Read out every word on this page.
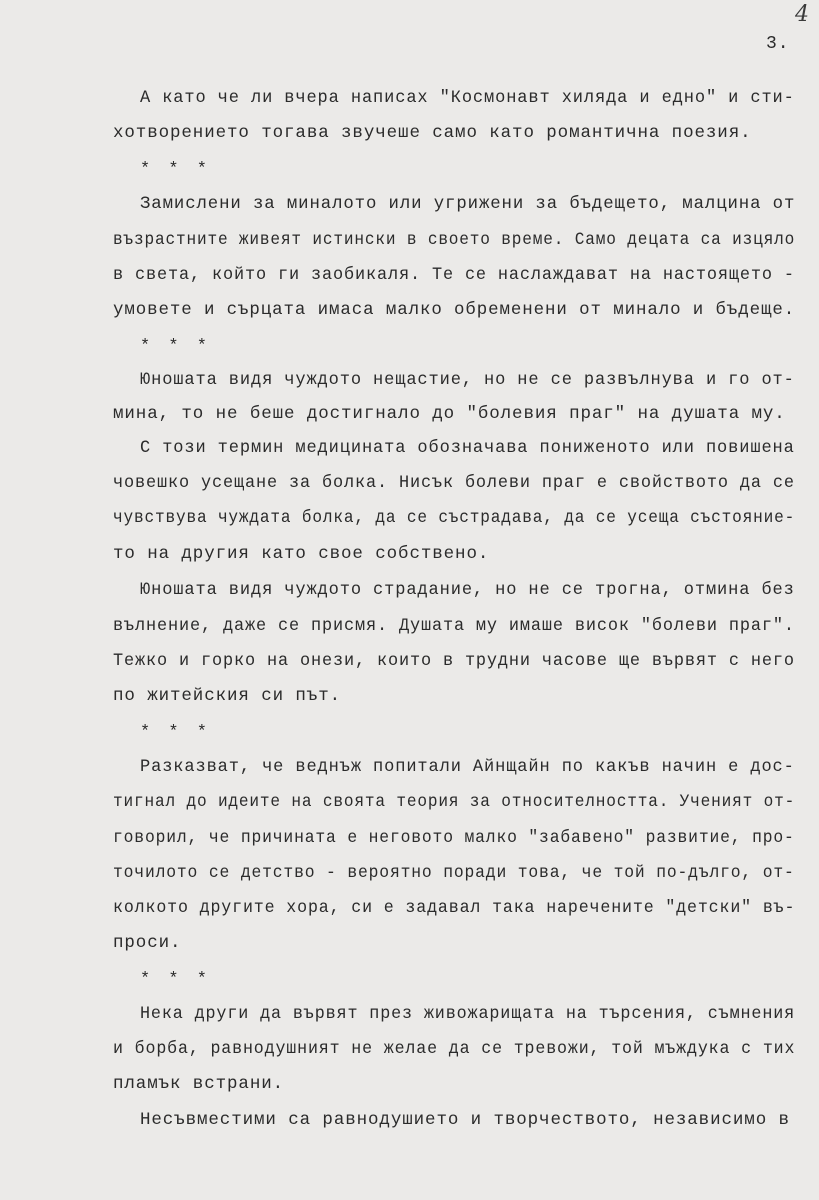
4
3.
А като че ли вчера написах "Космонавт хиляда и едно" и сти-
хотворението тогава звучеше само като романтична поезия.
* * *
Замислени за миналото или угрижени за бъдещето, малцина от
възрастните живеят истински в своето време. Само децата са изцяло
в света, който ги заобикаля. Те се наслаждават на настоящето -
умовете и сърцата имаса малко обременени от минало и бъдеще.
* * *
Юношата видя чуждото нещастие, но не се развълнува и го от-
мина, то не беше достигнало до "болевия праг" на душата му.
С този термин медицината обозначава пониженото или повишена
човешко усещане за болка. Нисък болеви праг е свойството да се
чувствува чуждата болка, да се състрадава, да се усеща състояние-
то на другия като свое собствено.
Юношата видя чуждото страдание, но не се трогна, отмина без
вълнение, даже се присмя. Душата му имаше висок "болеви праг".
Тежко и горко на онези, които в трудни часове ще вървят с него
по житейския си път.
* * *
Разказват, че веднъж попитали Айнщайн по какъв начин е дос-
тигнал до идеите на своята теория за относителността. Ученият от-
говорил, че причината е неговото малко "забавено" развитие, про-
точилото се детство - вероятно поради това, че той по-дълго, от-
колкото другите хора, си е задавал така наречените "детски" въ-
проси.
* * *
Нека други да вървят през живожарищата на търсения, съмнения
и борба, равнодушният не желае да се тревожи, той мъждука с тих
пламък встрани.
Несъвместими са равнодушието и творчеството, независимо в
